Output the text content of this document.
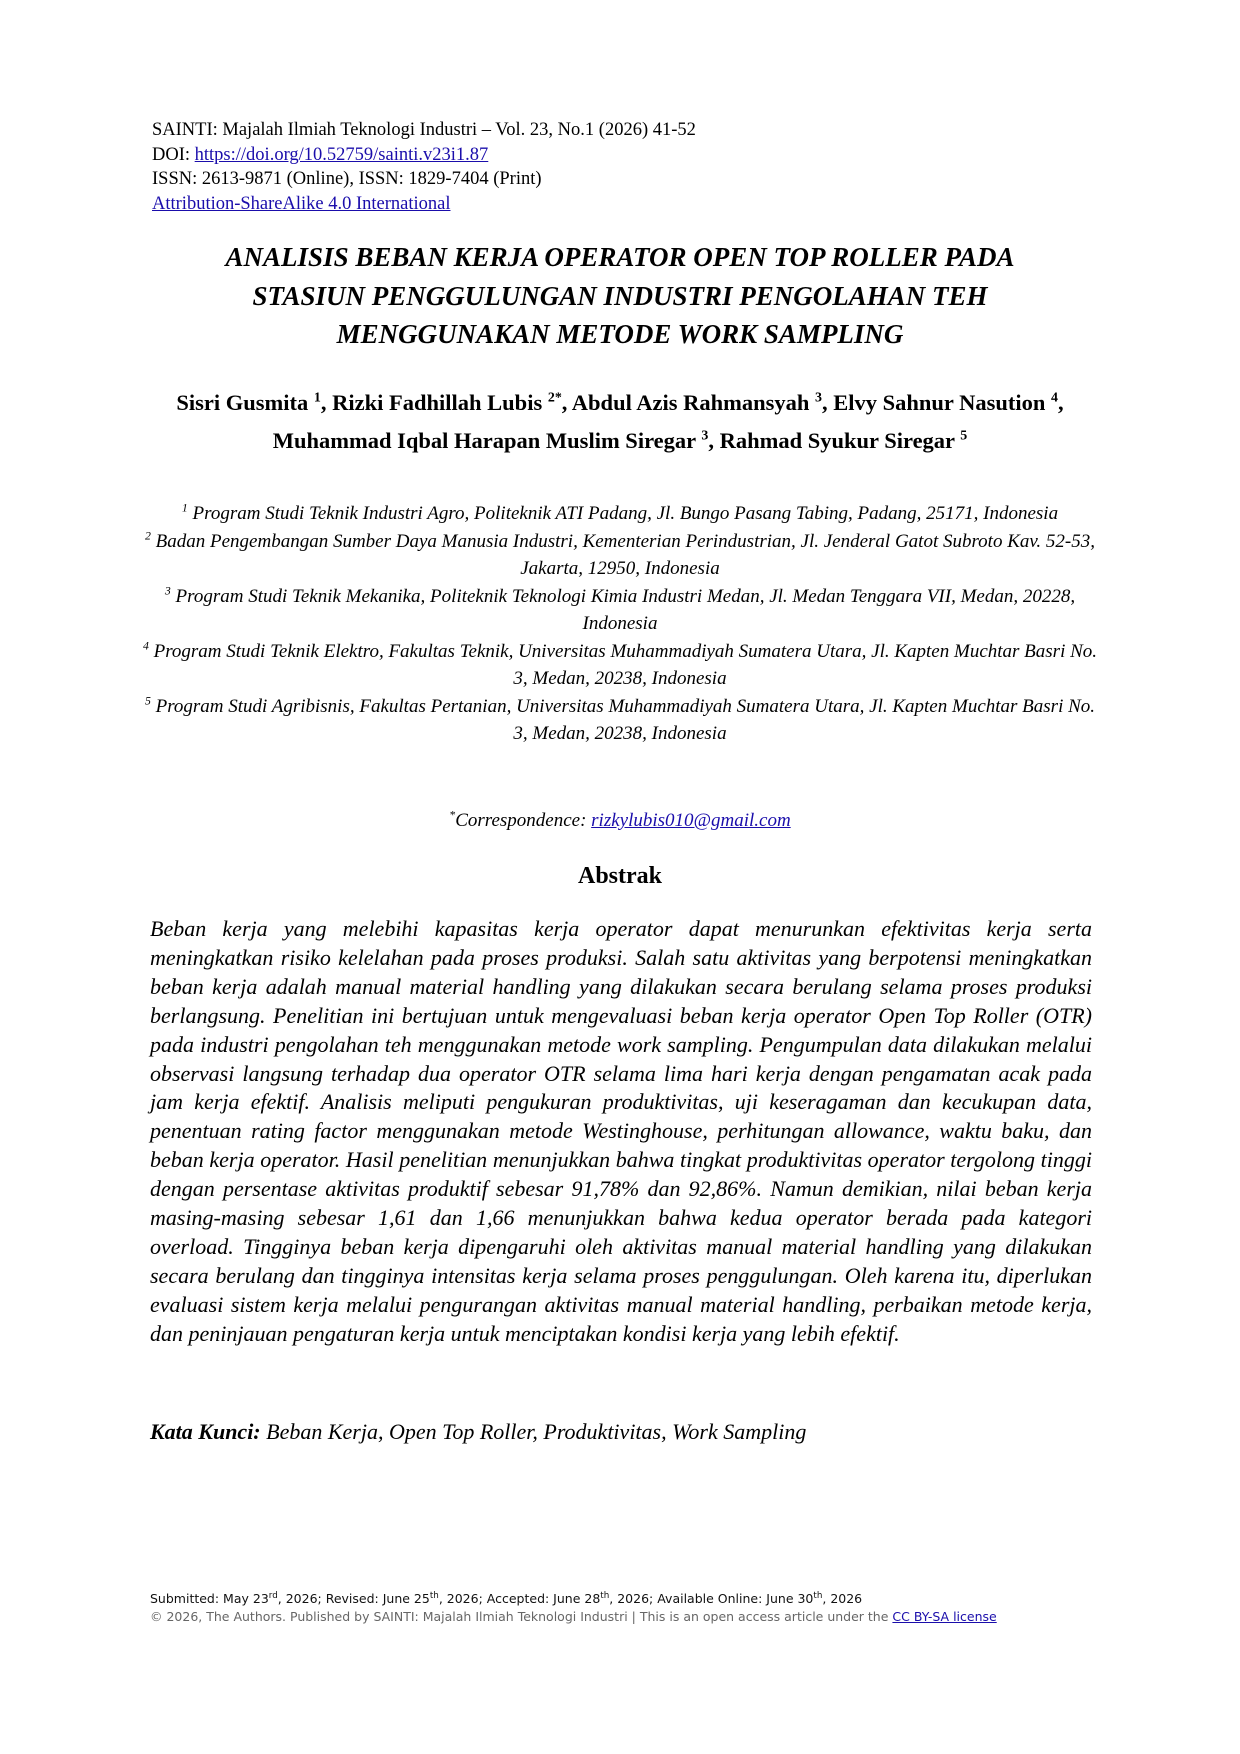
SAINTI: Majalah Ilmiah Teknologi Industri – Vol. 23, No.1 (2026) 41-52
DOI: https://doi.org/10.52759/sainti.v23i1.87
ISSN: 2613-9871 (Online), ISSN: 1829-7404 (Print)
Attribution-ShareAlike 4.0 International
ANALISIS BEBAN KERJA OPERATOR OPEN TOP ROLLER PADA
STASIUN PENGGULUNGAN INDUSTRI PENGOLAHAN TEH
MENGGUNAKAN METODE WORK SAMPLING
Sisri Gusmita $^1$, Rizki Fadhillah Lubis $^{2*}$, Abdul Azis Rahmansyah $^3$, Elvy Sahnur Nasution $^4$, Muhammad Iqbal Harapan Muslim Siregar $^3$, Rahmad Syukur Siregar $^5$
$^1$ Program Studi Teknik Industri Agro, Politeknik ATI Padang, Jl. Bungo Pasang Tabing, Padang, 25171, Indonesia
$^2$ Badan Pengembangan Sumber Daya Manusia Industri, Kementerian Perindustrian, Jl. Jenderal Gatot Subroto Kav. 52-53, Jakarta, 12950, Indonesia
$^3$ Program Studi Teknik Mekanika, Politeknik Teknologi Kimia Industri Medan, Jl. Medan Tenggara VII, Medan, 20228, Indonesia
$^4$ Program Studi Teknik Elektro, Fakultas Teknik, Universitas Muhammadiyah Sumatera Utara, Jl. Kapten Muchtar Basri No. 3, Medan, 20238, Indonesia
$^5$ Program Studi Agribisnis, Fakultas Pertanian, Universitas Muhammadiyah Sumatera Utara, Jl. Kapten Muchtar Basri No. 3, Medan, 20238, Indonesia
*Correspondence: rizkylubis010@gmail.com
Abstrak

Beban kerja yang melebihi kapasitas kerja operator dapat menurunkan efektivitas kerja serta meningkatkan risiko kelelahan pada proses produksi. Salah satu aktivitas yang berpotensi meningkatkan beban kerja adalah manual material handling yang dilakukan secara berulang selama proses produksi berlangsung. Penelitian ini bertujuan untuk mengevaluasi beban kerja operator Open Top Roller (OTR) pada industri pengolahan teh menggunakan metode work sampling. Pengumpulan data dilakukan melalui observasi langsung terhadap dua operator OTR selama lima hari kerja dengan pengamatan acak pada jam kerja efektif. Analisis meliputi pengukuran produktivitas, uji keseragaman dan kecukupan data, penentuan rating factor menggunakan metode Westinghouse, perhitungan allowance, waktu baku, dan beban kerja operator. Hasil penelitian menunjukkan bahwa tingkat produktivitas operator tergolong tinggi dengan persentase aktivitas produktif sebesar 91,78% dan 92,86%. Namun demikian, nilai beban kerja masing-masing sebesar 1,61 dan 1,66 menunjukkan bahwa kedua operator berada pada kategori overload. Tingginya beban kerja dipengaruhi oleh aktivitas manual material handling yang dilakukan secara berulang dan tingginya intensitas kerja selama proses penggulungan. Oleh karena itu, diperlukan evaluasi sistem kerja melalui pengurangan aktivitas manual material handling, perbaikan metode kerja, dan peninjauan pengaturan kerja untuk menciptakan kondisi kerja yang lebih efektif.

Kata Kunci: Beban Kerja, Open Top Roller, Produktivitas, Work Sampling
Submitted: May 23rd, 2026; Revised: June 25th, 2026; Accepted: June 28th, 2026; Available Online: June 30th, 2026
© 2026, The Authors. Published by SAINTI: Majalah Ilmiah Teknologi Industri | This is an open access article under the CC BY-SA license
